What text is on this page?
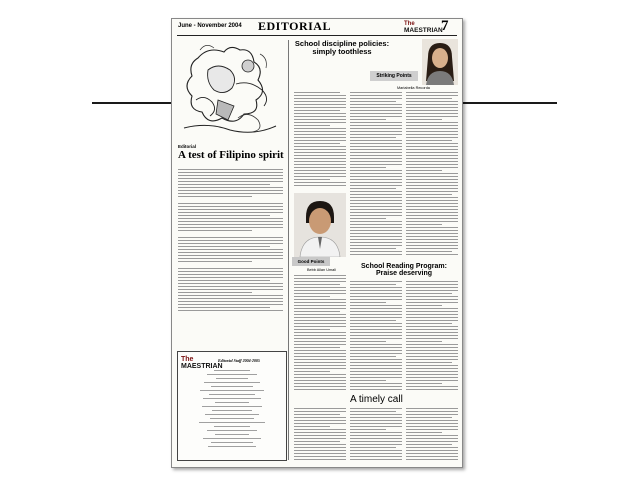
June - November 2004 EDITORIAL	The
MAESTRIAN
7
Editorial
A test of Filipino spirit
The
MAESTRIAN
Editorial Staff 2004-2005
School discipline policies: simply toothless
Striking Points
Mariabella Recorda
Good Points
Bebb Allan Umali	School Reading Program: Praise deserving
A timely call
